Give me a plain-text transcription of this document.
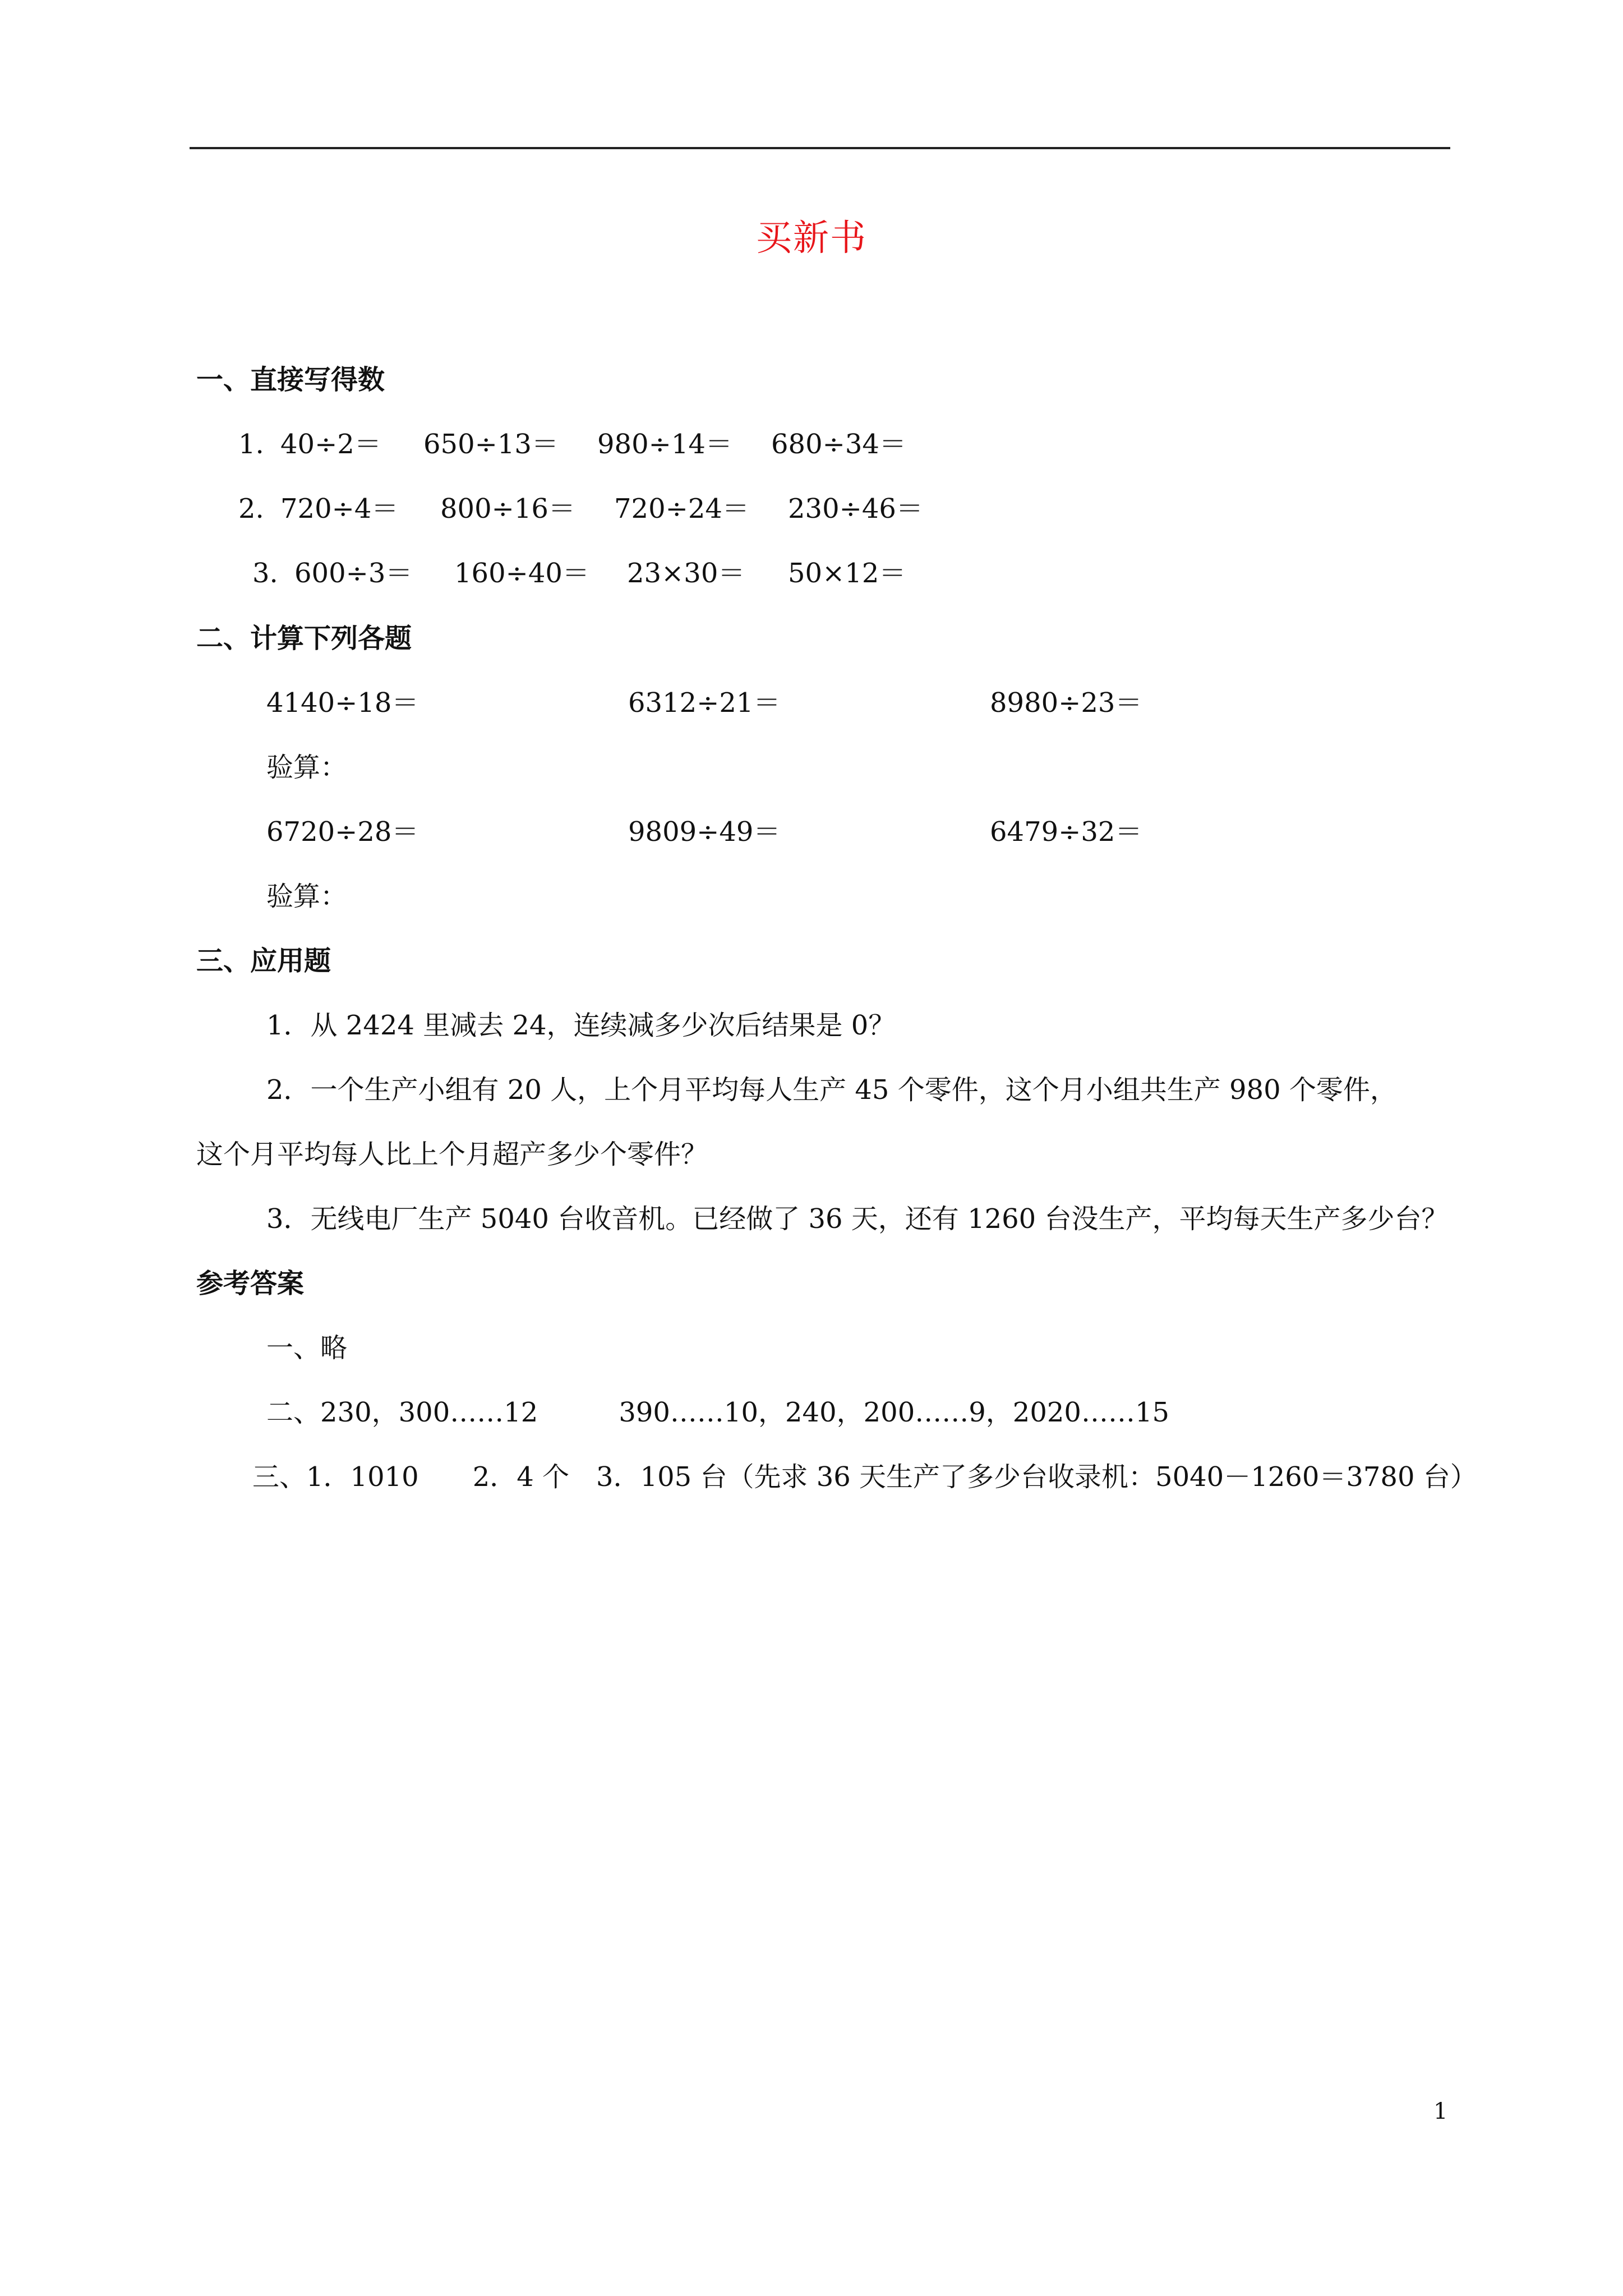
买新书
一、直接写得数
1. 40÷2＝ 650÷13＝ 980÷14＝ 680÷34＝
2. 720÷4＝ 800÷16＝ 720÷24＝ 230÷46＝
3. 600÷3＝ 160÷40＝ 23×30＝ 50×12＝
二、计算下列各题
4140÷18＝	6312÷21＝	8980÷23＝
验算：
6720÷28＝	9809÷49＝	6479÷32＝
验算：
三、应用题
1．从 2424 里减去 24，连续减多少次后结果是 0？
2．一个生产小组有 20 人，上个月平均每人生产 45 个零件，这个月小组共生产 980 个零件，
这个月平均每人比上个月超产多少个零件？
3．无线电厂生产 5040 台收音机。已经做了 36 天，还有 1260 台没生产，平均每天生产多少台？
参考答案
一、略
二、230，300……12　　　390……10，240，200……9，2020……15
三、1．1010　　2．4 个　3．105 台（先求 36 天生产了多少台收录机：5040－1260＝3780 台）
1
